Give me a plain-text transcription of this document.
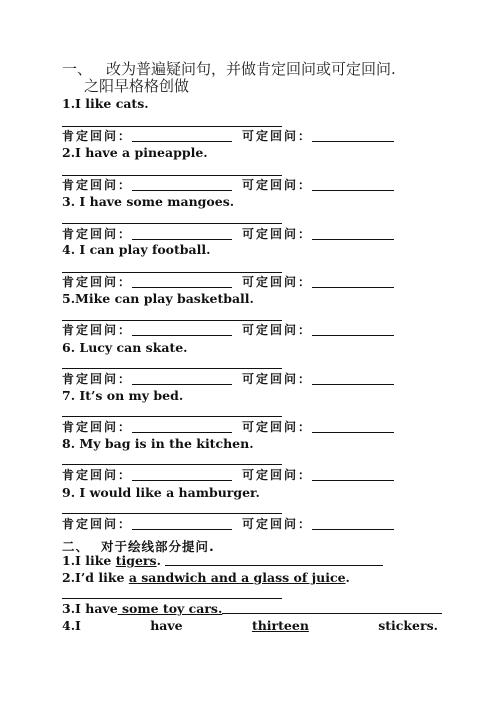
一、 改为普遍疑问句，并做肯定回问或可定回问.
之阳早格格创做
1.I like cats.
肯定回问：	可定回问：
2.I have a pineapple.
肯定回问：	可定回问：
3. I have some mangoes.
肯定回问：	可定回问：
4. I can play football.
肯定回问：	可定回问：
5.Mike can play basketball.
肯定回问：	可定回问：
6. Lucy can skate.
肯定回问：	可定回问：
7. It’s on my bed.
肯定回问：	可定回问：
8. My bag is in the kitchen.
肯定回问：	可定回问：
9. I would like a hamburger.
肯定回问：	可定回问：
二、 对于绘线部分提问.
1.I like tigers.
2.I’d like a sandwich and a glass of juice.
3.I have some toy cars.
4.I	have	thirteen	stickers.
